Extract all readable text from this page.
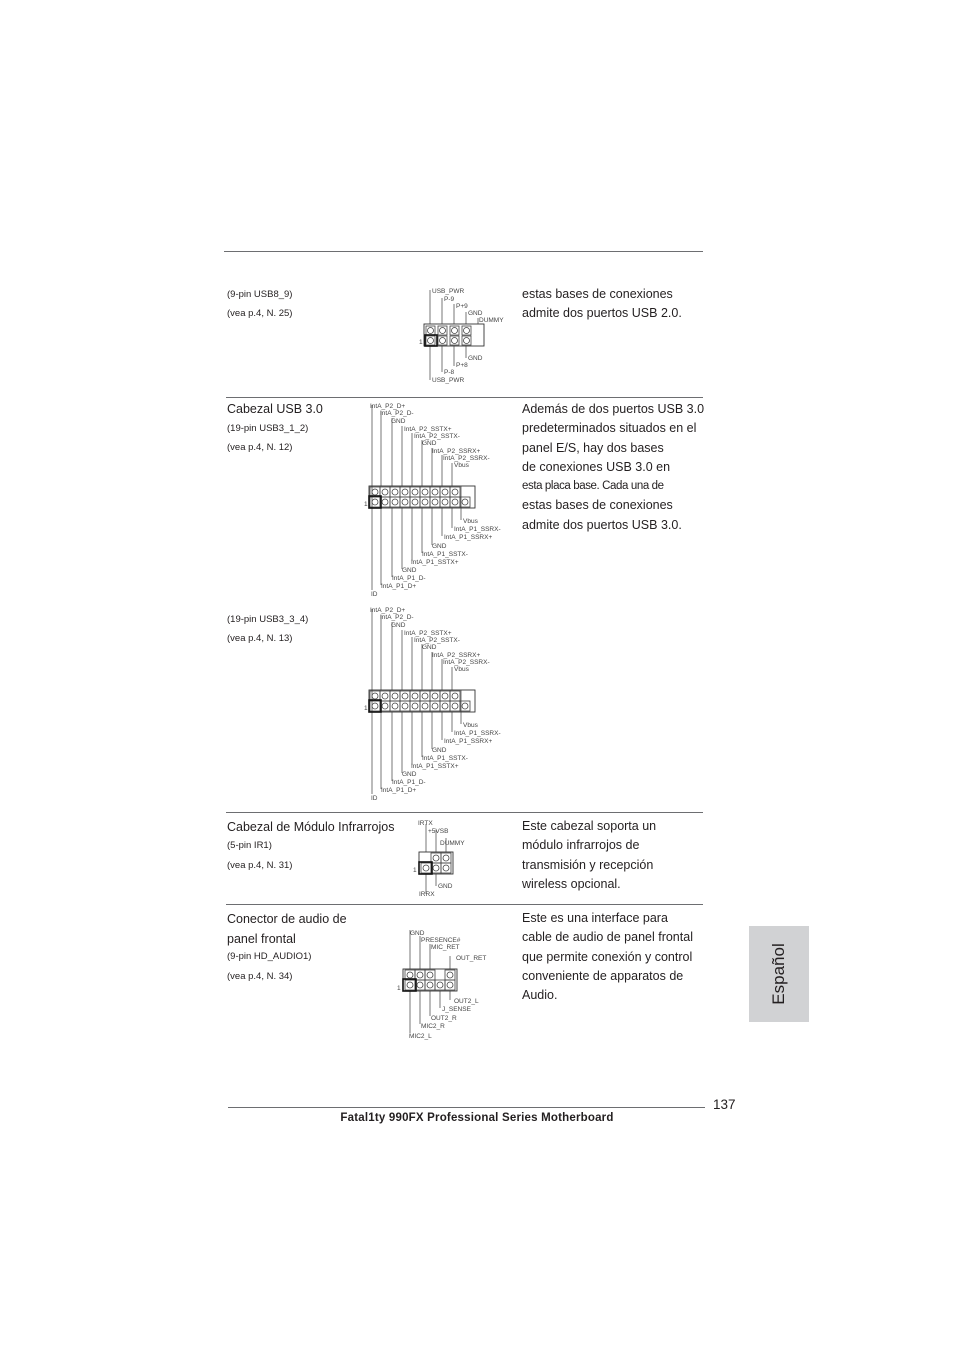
(9-pin USB8_9)
(vea p.4, N. 25)
USB_PWR
P-9
P+9
GND
DUMMY
GND
P+8
P-8
USB_PWR
1
estas bases de conexiones
admite dos puertos USB 2.0.
Cabezal USB 3.0
(19-pin USB3_1_2)
(vea p.4, N. 12)
IntA_P2_D+
IntA_P2_D-
GND
IntA_P2_SSTX+
IntA_P2_SSTX-
GND
IntA_P2_SSRX+
IntA_P2_SSRX-
Vbus
Vbus
IntA_P1_SSRX-
IntA_P1_SSRX+
GND
IntA_P1_SSTX-
IntA_P1_SSTX+
GND
IntA_P1_D-
IntA_P1_D+
ID
1
(19-pin USB3_3_4)
(vea p.4, N. 13)
IntA_P2_D+
IntA_P2_D-
GND
IntA_P2_SSTX+
IntA_P2_SSTX-
GND
IntA_P2_SSRX+
IntA_P2_SSRX-
Vbus
Vbus
IntA_P1_SSRX-
IntA_P1_SSRX+
GND
IntA_P1_SSTX-
IntA_P1_SSTX+
GND
IntA_P1_D-
IntA_P1_D+
ID
1
Además de dos puertos USB 3.0
predeterminados situados en el
panel E/S, hay dos bases
de conexiones USB 3.0 en
esta placa base. Cada una de
estas bases de conexiones
admite dos puertos USB 3.0.
Cabezal de Módulo Infrarrojos
(5-pin IR1)
(vea p.4, N. 31)
IRTX
+5VSB
DUMMY
GND
IRRX
1
Este cabezal soporta un
módulo infrarrojos de
transmisión y recepción
wireless opcional.
Conector de audio de
panel frontal
(9-pin HD_AUDIO1)
(vea p.4, N. 34)
GND
PRESENCE#
MIC_RET
OUT_RET
OUT2_L
J_SENSE
OUT2_R
MIC2_R
MIC2_L
1
Este es una interface para
cable de audio de panel frontal
que permite conexión y control
conveniente de apparatos de
Audio.	Español
137
Fatal1ty 990FX Professional Series Motherboard
